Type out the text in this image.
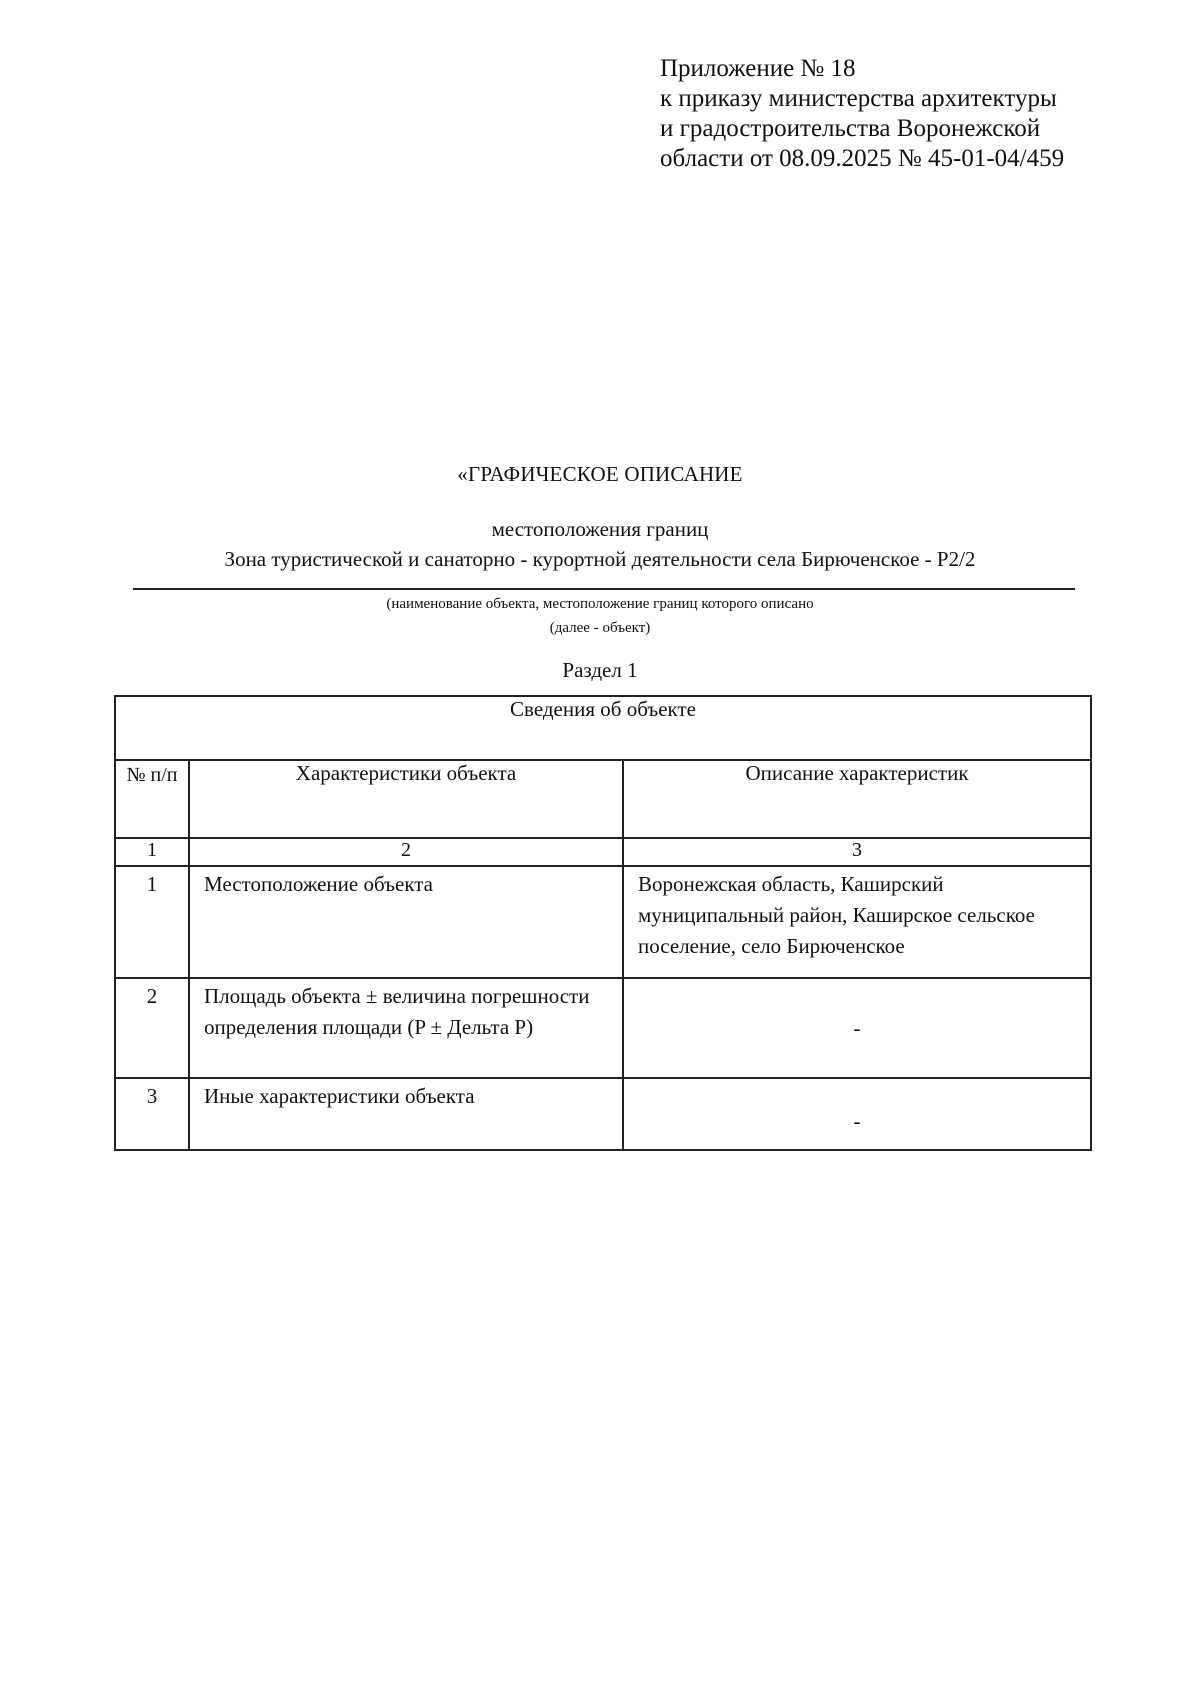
Приложение № 18
к приказу министерства архитектуры
и градостроительства Воронежской
области от 08.09.2025 № 45-01-04/459
«ГРАФИЧЕСКОЕ ОПИСАНИЕ
местоположения границ
Зона туристической и санаторно - курортной деятельности села Бирюченское - Р2/2
(наименование объекта, местоположение границ которого описано
(далее - объект)
Раздел 1
Сведения об объекте		
№ п/п	Характеристики объекта	Описание характеристик
1	2	3
1	Местоположение объекта	Воронежская область, Каширский муниципальный район, Каширское сельское поселение, село Бирюченское
2	Площадь объекта ± величина погрешности определения площади (P ± Дельта P)	-
3	Иные характеристики объекта	-
